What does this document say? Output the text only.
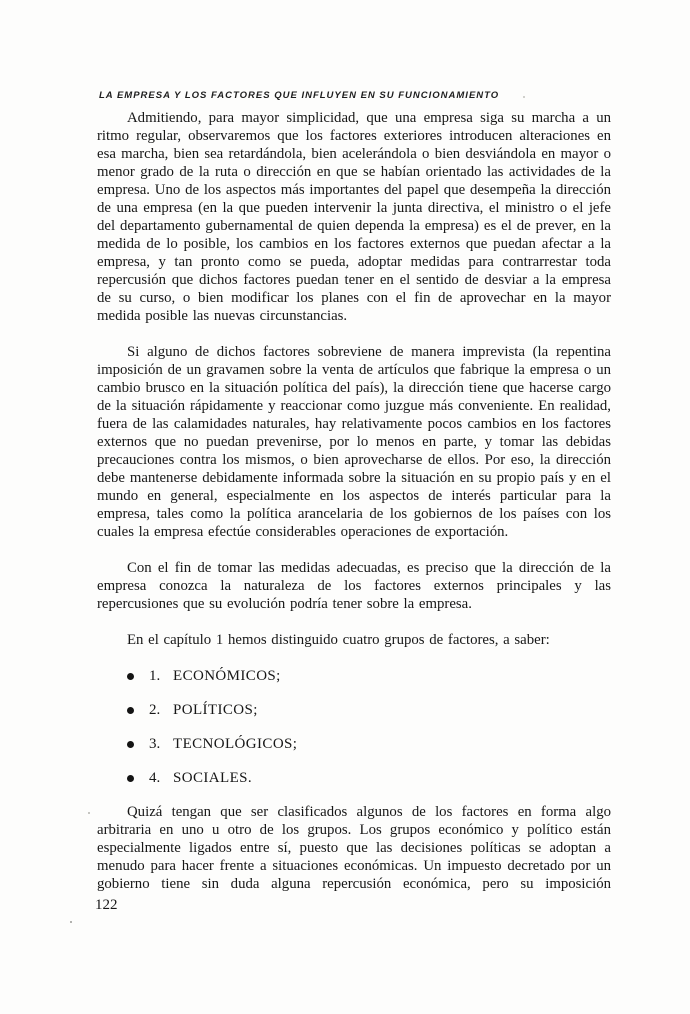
LA EMPRESA Y LOS FACTORES QUE INFLUYEN EN SU FUNCIONAMIENTO

Admitiendo, para mayor simplicidad, que una empresa siga su marcha a un ritmo regular, observaremos que los factores exteriores introducen alteraciones en esa marcha, bien sea retardándola, bien acelerándola o bien desviándola en mayor o menor grado de la ruta o dirección en que se habían orientado las actividades de la empresa. Uno de los aspectos más importantes del papel que desempeña la dirección de una empresa (en la que pueden intervenir la junta directiva, el ministro o el jefe del departamento gubernamental de quien dependa la empresa) es el de prever, en la medida de lo posible, los cambios en los factores externos que puedan afectar a la empresa, y tan pronto como se pueda, adoptar medidas para contrarrestar toda repercusión que dichos factores puedan tener en el sentido de desviar a la empresa de su curso, o bien modificar los planes con el fin de aprovechar en la mayor medida posible las nuevas circunstancias.

Si alguno de dichos factores sobreviene de manera imprevista (la repentina imposición de un gravamen sobre la venta de artículos que fabrique la empresa o un cambio brusco en la situación política del país), la dirección tiene que hacerse cargo de la situación rápidamente y reaccionar como juzgue más conveniente. En realidad, fuera de las calamidades naturales, hay relativamente pocos cambios en los factores externos que no puedan prevenirse, por lo menos en parte, y tomar las debidas precauciones contra los mismos, o bien aprovecharse de ellos. Por eso, la dirección debe mantenerse debidamente informada sobre la situación en su propio país y en el mundo en general, especialmente en los aspectos de interés particular para la empresa, tales como la política arancelaria de los gobiernos de los países con los cuales la empresa efectúe considerables operaciones de exportación.

Con el fin de tomar las medidas adecuadas, es preciso que la dirección de la empresa conozca la naturaleza de los factores externos principales y las repercusiones que su evolución podría tener sobre la empresa.

En el capítulo 1 hemos distinguido cuatro grupos de factores, a saber:

1. ECONÓMICOS;
2. POLÍTICOS;
3. TECNOLÓGICOS;
4. SOCIALES.

Quizá tengan que ser clasificados algunos de los factores en forma algo arbitraria en uno u otro de los grupos. Los grupos económico y político están especialmente ligados entre sí, puesto que las decisiones políticas se adoptan a menudo para hacer frente a situaciones económicas. Un impuesto decretado por un gobierno tiene sin duda alguna repercusión económica, pero su imposición

122
